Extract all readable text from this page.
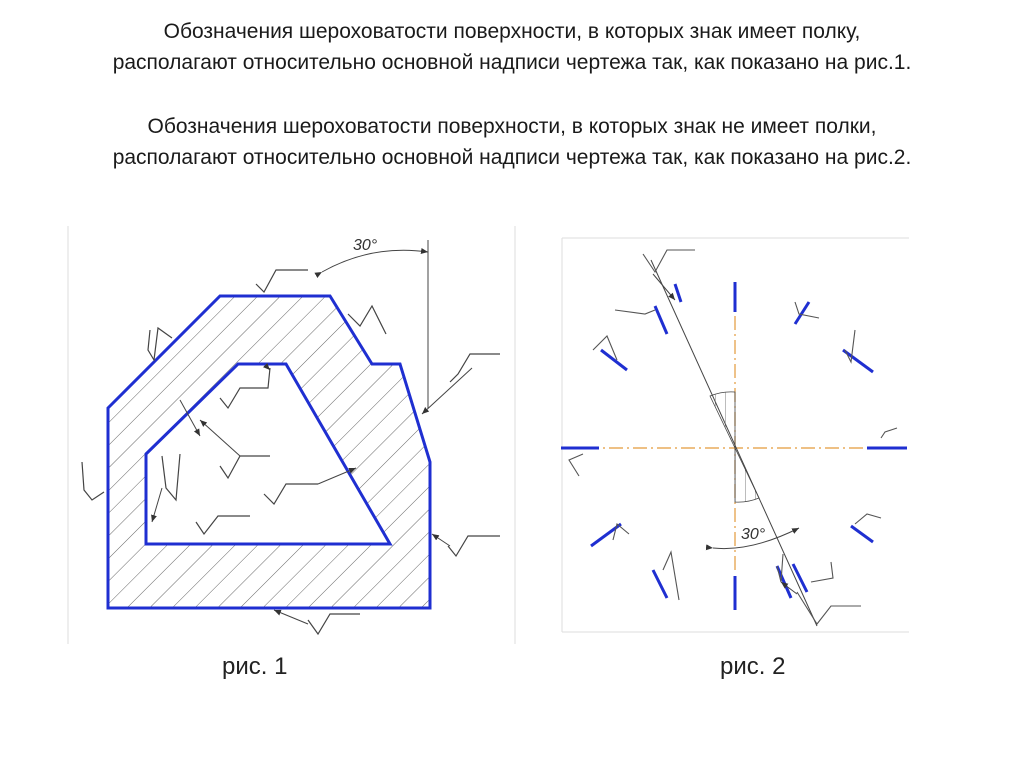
Обозначения шероховатости поверхности, в которых знак имеет полку,
располагают относительно основной надписи чертежа так, как показано на рис.1.

Обозначения шероховатости поверхности, в которых знак не имеет полки,
располагают относительно основной надписи чертежа так, как показано на рис.2.

30°
30°
рис. 1	рис. 2
